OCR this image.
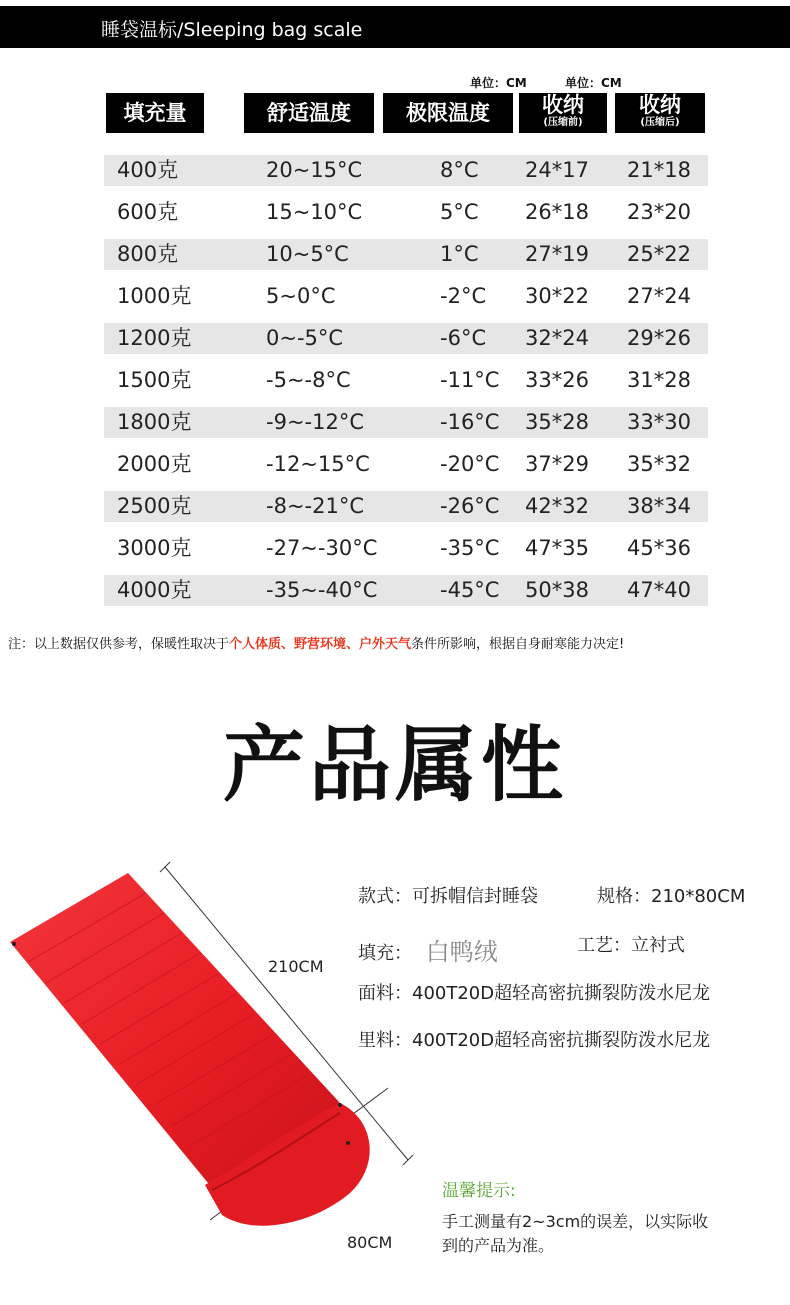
睡袋温标/Sleeping bag scale
单位：CM	单位：CM
填充量	舒适温度	极限温度	收纳
(压缩前)
收纳
(压缩后)
400克	20~15°C	8°C 24*17 21*18
600克	15~10°C	5°C 26*18 23*20
800克	10~5°C	1°C 27*19 25*22
1000克	5~0°C	-2°C 30*22 27*24
1200克	0~-5°C	-6°C 32*24 29*26
1500克	-5~-8°C	-11°C 33*26 31*28
1800克	-9~-12°C	-16°C 35*28 33*30
2000克	-12~15°C	-20°C 37*29 35*32
2500克	-8~-21°C	-26°C 42*32 38*34
3000克	-27~-30°C	-35°C 47*35 45*36
4000克	-35~-40°C	-45°C 50*38 47*40
注：以上数据仅供参考，保暖性取决于个人体质、野营环境、户外天气条件所影响，根据自身耐寒能力决定!
产品属性
210CM
80CM
款式：可拆帽信封睡袋	规格：210*80CM
填充： 白鸭绒	工艺：立衬式
面料：400T20D超轻高密抗撕裂防泼水尼龙
里料：400T20D超轻高密抗撕裂防泼水尼龙
温馨提示:
手工测量有2~3cm的误差，以实际收到的产品为准。
